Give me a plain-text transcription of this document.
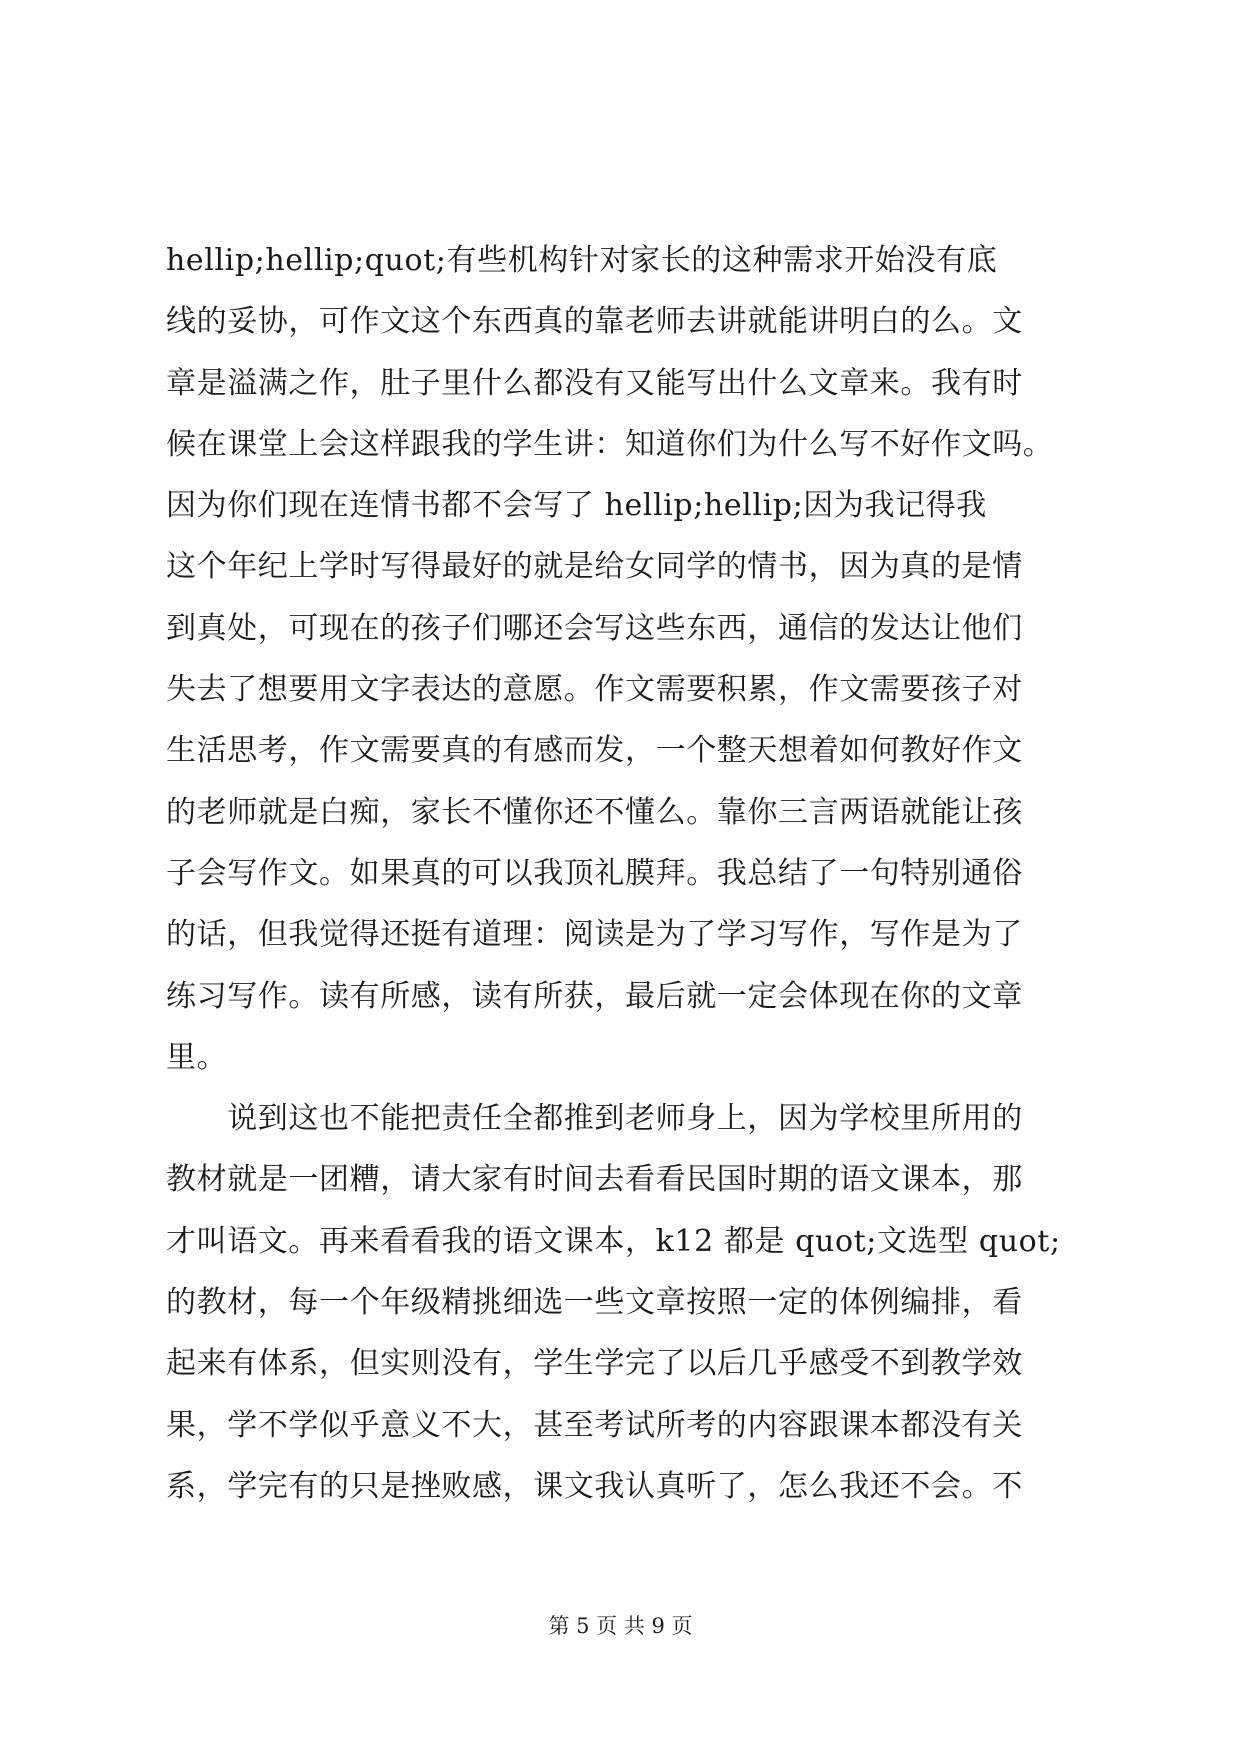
hellip;hellip;quot;有些机构针对家长的这种需求开始没有底
线的妥协，可作文这个东西真的靠老师去讲就能讲明白的么。文
章是溢满之作，肚子里什么都没有又能写出什么文章来。我有时
候在课堂上会这样跟我的学生讲：知道你们为什么写不好作文吗。
因为你们现在连情书都不会写了 hellip;hellip;因为我记得我
这个年纪上学时写得最好的就是给女同学的情书，因为真的是情
到真处，可现在的孩子们哪还会写这些东西，通信的发达让他们
失去了想要用文字表达的意愿。作文需要积累，作文需要孩子对
生活思考，作文需要真的有感而发，一个整天想着如何教好作文
的老师就是白痴，家长不懂你还不懂么。靠你三言两语就能让孩
子会写作文。如果真的可以我顶礼膜拜。我总结了一句特别通俗
的话，但我觉得还挺有道理：阅读是为了学习写作，写作是为了
练习写作。读有所感，读有所获，最后就一定会体现在你的文章
里。
　　说到这也不能把责任全都推到老师身上，因为学校里所用的
教材就是一团糟，请大家有时间去看看民国时期的语文课本，那
才叫语文。再来看看我的语文课本，k12 都是 quot;文选型 quot;
的教材，每一个年级精挑细选一些文章按照一定的体例编排，看
起来有体系，但实则没有，学生学完了以后几乎感受不到教学效
果，学不学似乎意义不大，甚至考试所考的内容跟课本都没有关
系，学完有的只是挫败感，课文我认真听了，怎么我还不会。不
第 5 页 共 9 页
